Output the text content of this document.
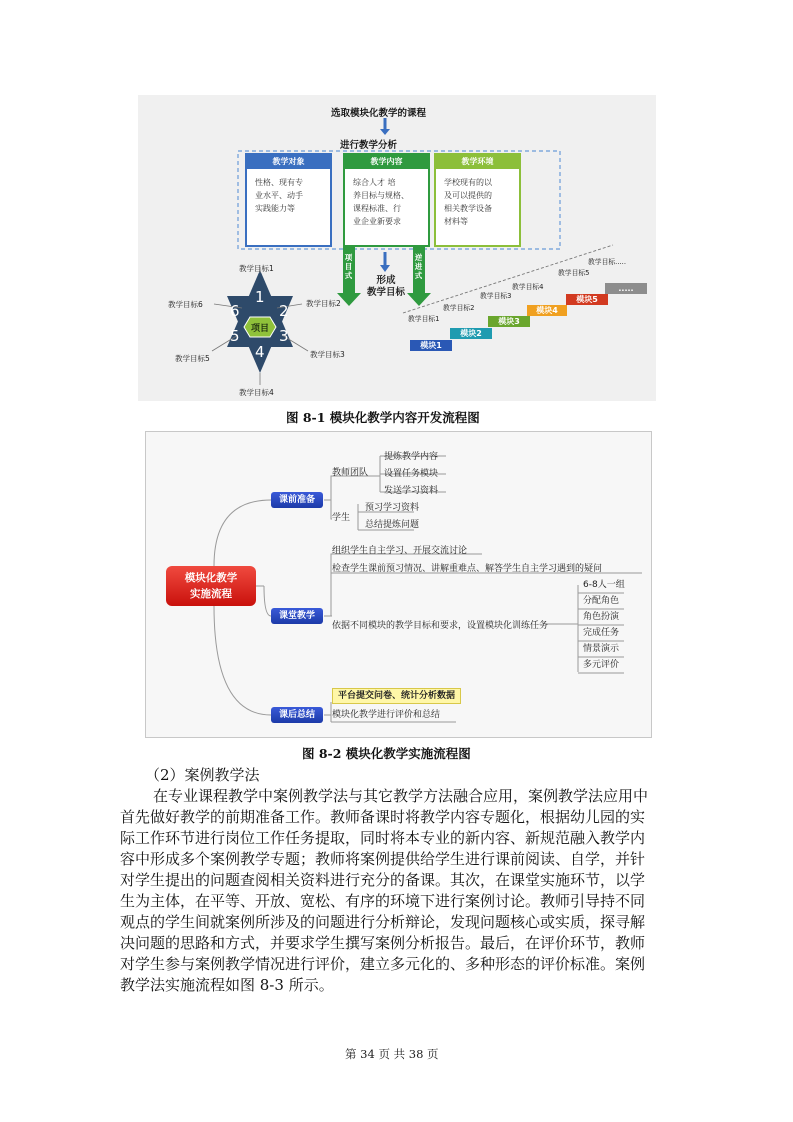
选取模块化教学的课程
进行教学分析
教学对象
性格、现有专
业水平、动手
实践能力等
教学内容
综合人才 培
养目标与规格、
课程标准、行
业企业新要求
教学环境
学校现有的以
及可以提供的
相关教学设备
材料等
项目式
逆进式
形成
教学目标
项目
1
2
3
4
5
6
教学目标1
教学目标2
教学目标3
教学目标4
教学目标5
教学目标6
模块1
模块2
模块3
模块4
模块5
.....
教学目标1
教学目标2
教学目标3
教学目标4
教学目标5
教学目标.....
图 8-1 模块化教学内容开发流程图
模块化教学
实施流程
课前准备
教师团队
提炼教学内容
设置任务模块
发送学习资料
学生
预习学习资料
总结提炼问题
课堂教学
组织学生自主学习、开展交流讨论
检查学生课前预习情况、讲解重难点、解答学生自主学习遇到的疑问
依据不同模块的教学目标和要求，设置模块化训练任务
6-8人一组
分配角色
角色扮演
完成任务
情景演示
多元评价
课后总结
平台提交问卷、统计分析数据
模块化教学进行评价和总结
图 8-2 模块化教学实施流程图
（2）案例教学法
在专业课程教学中案例教学法与其它教学方法融合应用，案例教学法应用中
首先做好教学的前期准备工作。教师备课时将教学内容专题化，根据幼儿园的实
际工作环节进行岗位工作任务提取，同时将本专业的新内容、新规范融入教学内
容中形成多个案例教学专题；教师将案例提供给学生进行课前阅读、自学，并针
对学生提出的问题查阅相关资料进行充分的备课。其次，在课堂实施环节，以学
生为主体，在平等、开放、宽松、有序的环境下进行案例讨论。教师引导持不同
观点的学生间就案例所涉及的问题进行分析辩论，发现问题核心或实质，探寻解
决问题的思路和方式，并要求学生撰写案例分析报告。最后，在评价环节，教师
对学生参与案例教学情况进行评价，建立多元化的、多种形态的评价标准。案例
教学法实施流程如图 8-3 所示。
第 34 页 共 38 页
